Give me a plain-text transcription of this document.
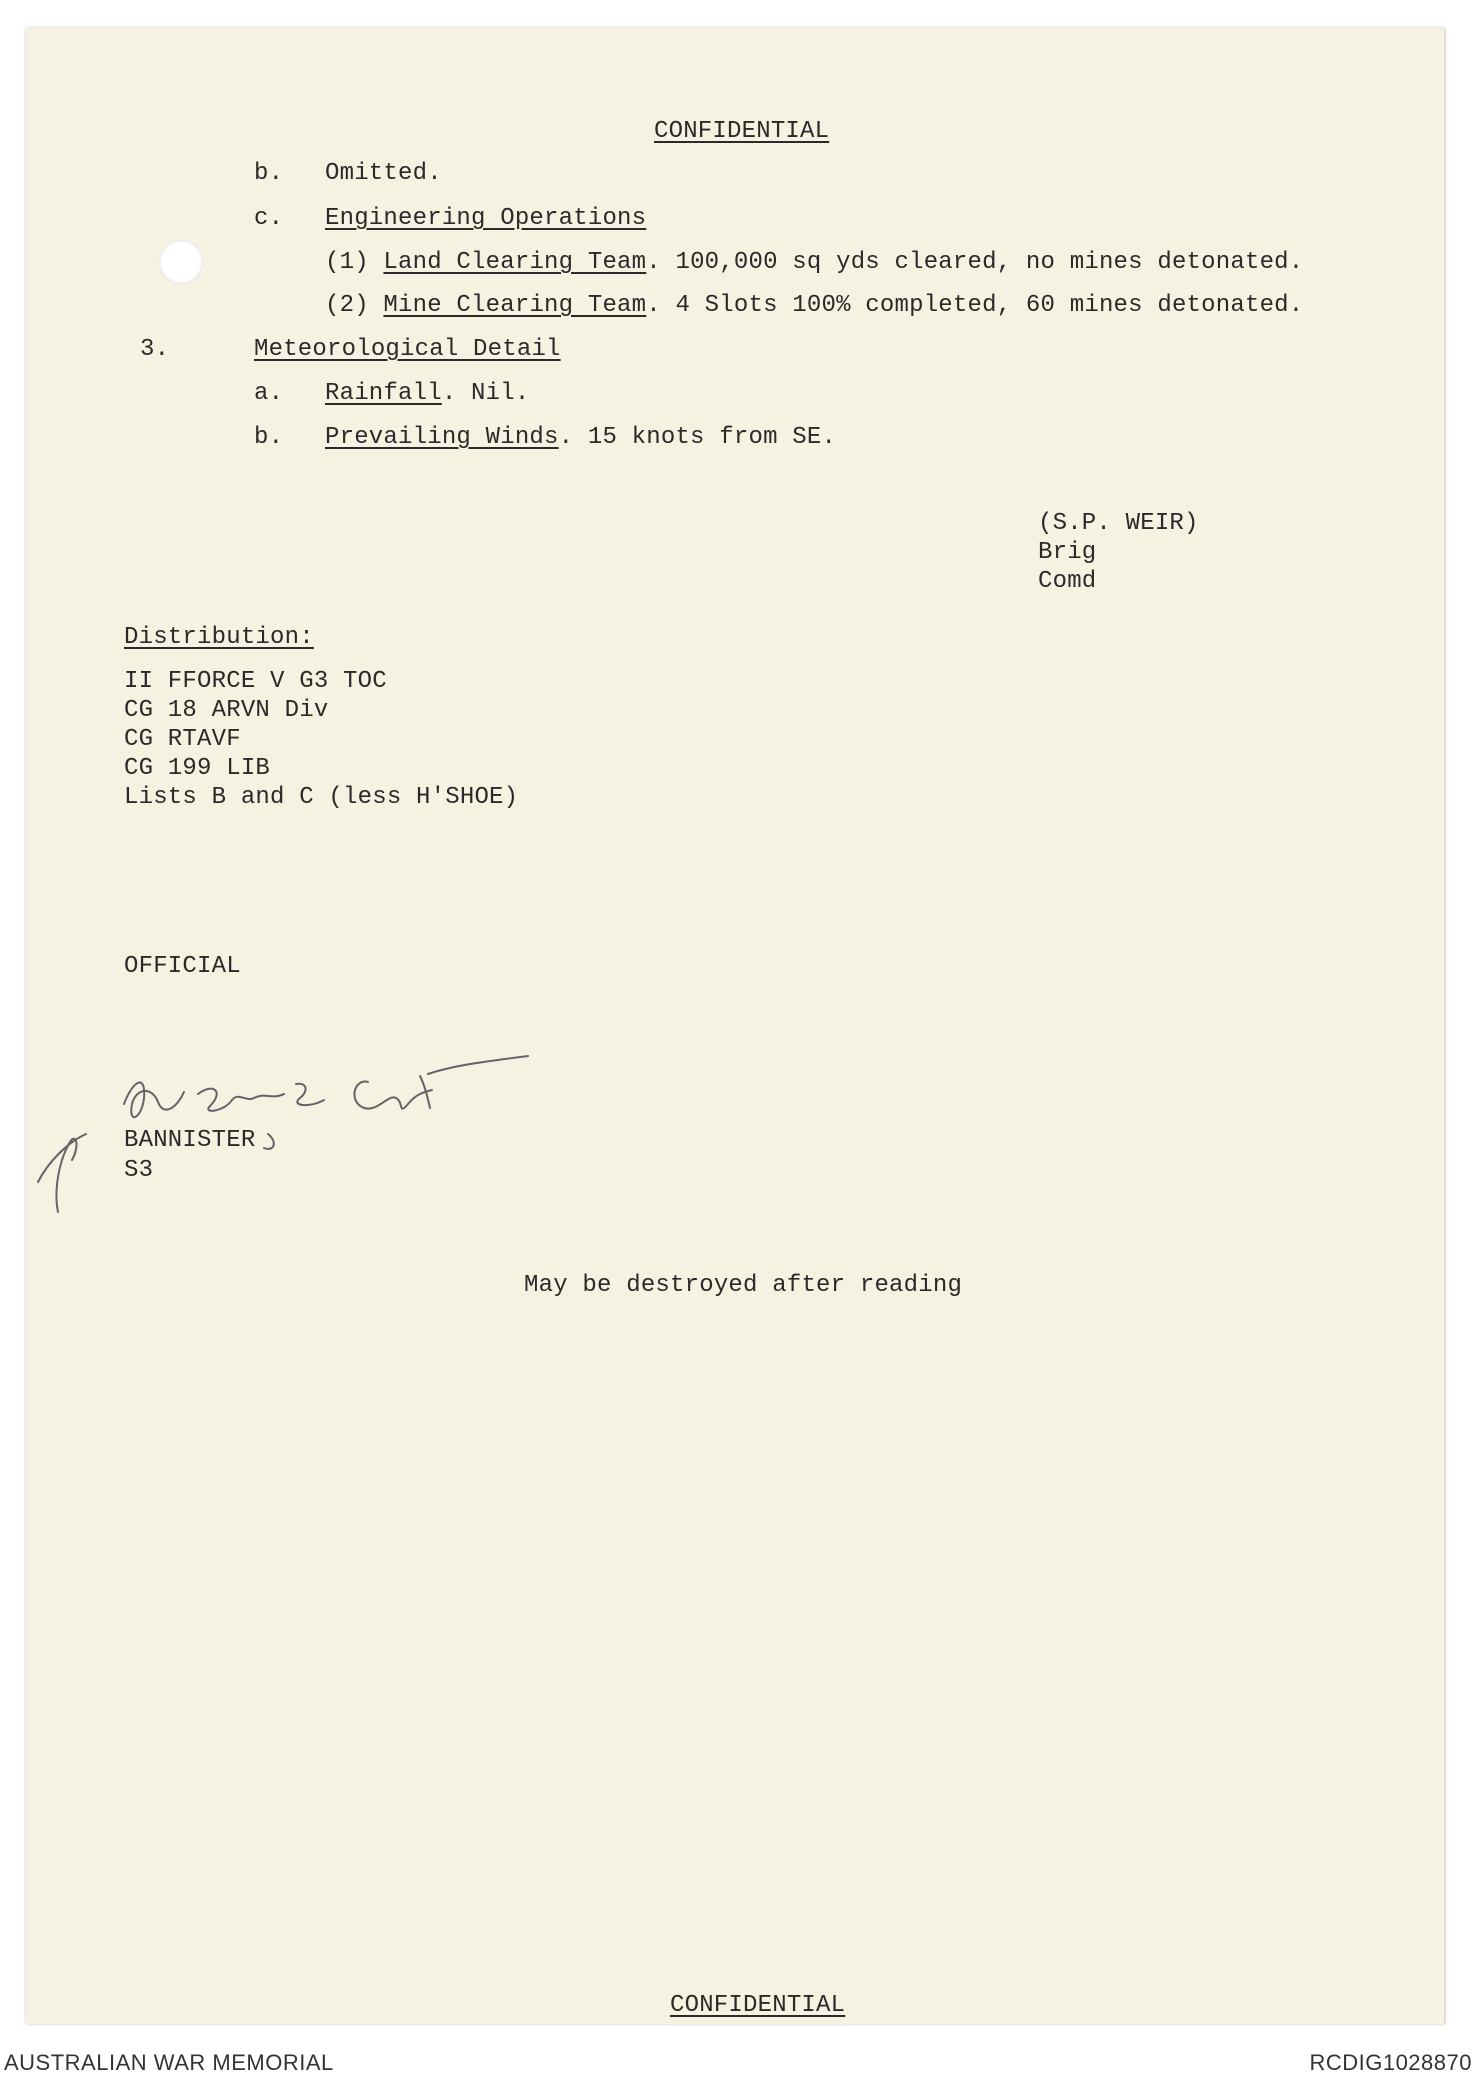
CONFIDENTIAL
b. Omitted.
c. Engineering Operations
(1) Land Clearing Team. 100,000 sq yds cleared, no mines detonated.
(2) Mine Clearing Team. 4 Slots 100% completed, 60 mines detonated.
3.	Meteorological Detail
a. Rainfall. Nil.
b. Prevailing Winds. 15 knots from SE.
(S.P. WEIR)
Brig
Comd
Distribution:
II FFORCE V G3 TOC
CG 18 ARVN Div
CG RTAVF
CG 199 LIB
Lists B and C (less H'SHOE)
OFFICIAL
BANNISTER
S3
May be destroyed after reading
CONFIDENTIAL
AUSTRALIAN WAR MEMORIAL	RCDIG1028870
